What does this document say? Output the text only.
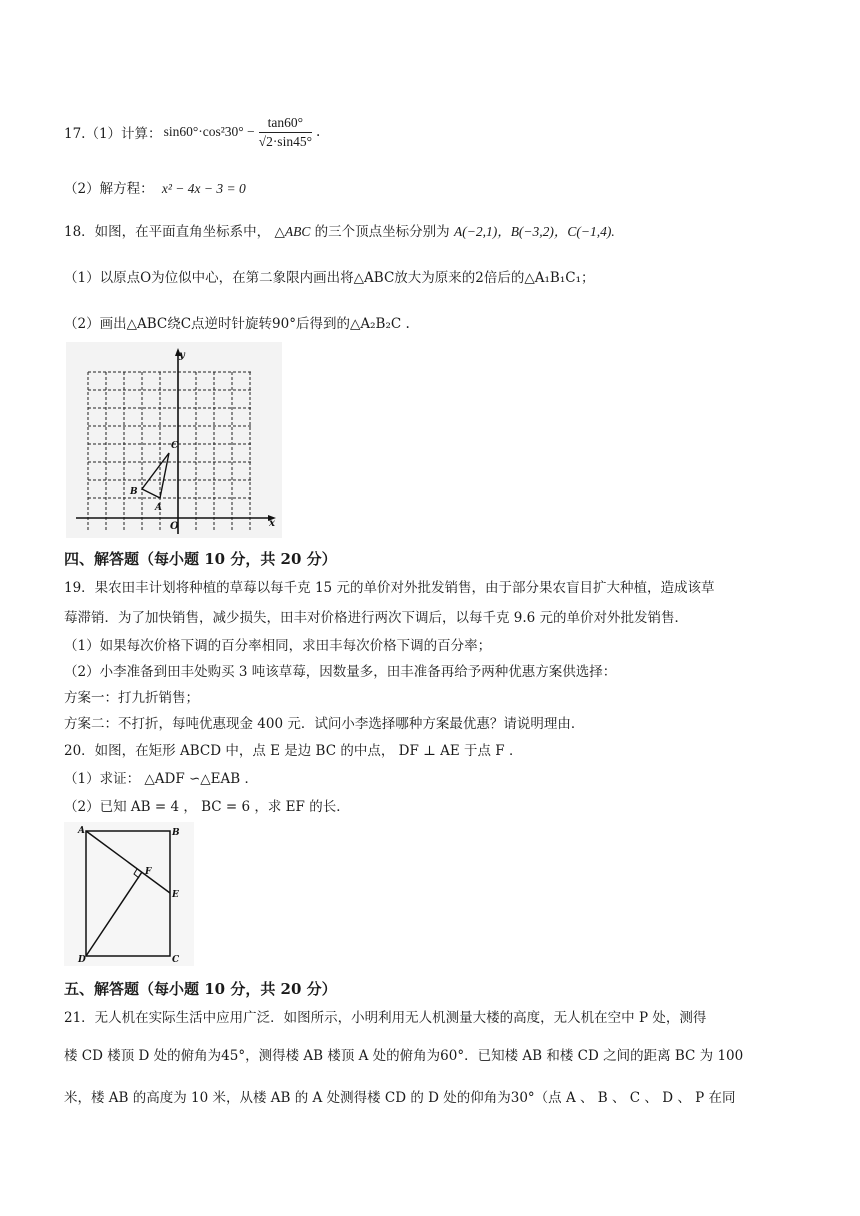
17.（1）计算： $\sin 60^\circ\cdot\cos^230^\circ - \frac{\tan 60^\circ}{√2\cdot\sin 45^\circ}$ .
（2）解方程： x² − 4x − 3 = 0
18．如图，在平面直角坐标系中， △ABC 的三个顶点坐标分别为 A(−2,1)，B(−3,2)，C(−1,4).
（1）以原点O为位似中心，在第二象限内画出将△ABC放大为原来的2倍后的△A₁B₁C₁；
（2）画出△ABC绕C点逆时针旋转90°后得到的△A₂B₂C .
y
x
O
A
B
C
四、解答题（每小题 10 分，共 20 分）
19．果农田丰计划将种植的草莓以每千克 15 元的单价对外批发销售，由于部分果农盲目扩大种植，造成该草
莓滞销．为了加快销售，减少损失，田丰对价格进行两次下调后，以每千克 9.6 元的单价对外批发销售．
（1）如果每次价格下调的百分率相同，求田丰每次价格下调的百分率；
（2）小李准备到田丰处购买 3 吨该草莓，因数量多，田丰准备再给予两种优惠方案供选择：
方案一：打九折销售；
方案二：不打折，每吨优惠现金 400 元．试问小李选择哪种方案最优惠？请说明理由．
20．如图，在矩形 ABCD 中，点 E 是边 BC 的中点， DF ⊥ AE 于点 F ．
（1）求证： △ADF ∽△EAB ．
（2）已知 AB = 4 ， BC = 6 ，求 EF 的长．
A	B
C
D
E
F
五、解答题（每小题 10 分，共 20 分）
21．无人机在实际生活中应用广泛．如图所示，小明利用无人机测量大楼的高度，无人机在空中 P 处，测得
楼 CD 楼顶 D 处的俯角为45°，测得楼 AB 楼顶 A 处的俯角为60°．已知楼 AB 和楼 CD 之间的距离 BC 为 100
米，楼 AB 的高度为 10 米，从楼 AB 的 A 处测得楼 CD 的 D 处的仰角为30°（点 A 、 B 、 C 、 D 、 P 在同
